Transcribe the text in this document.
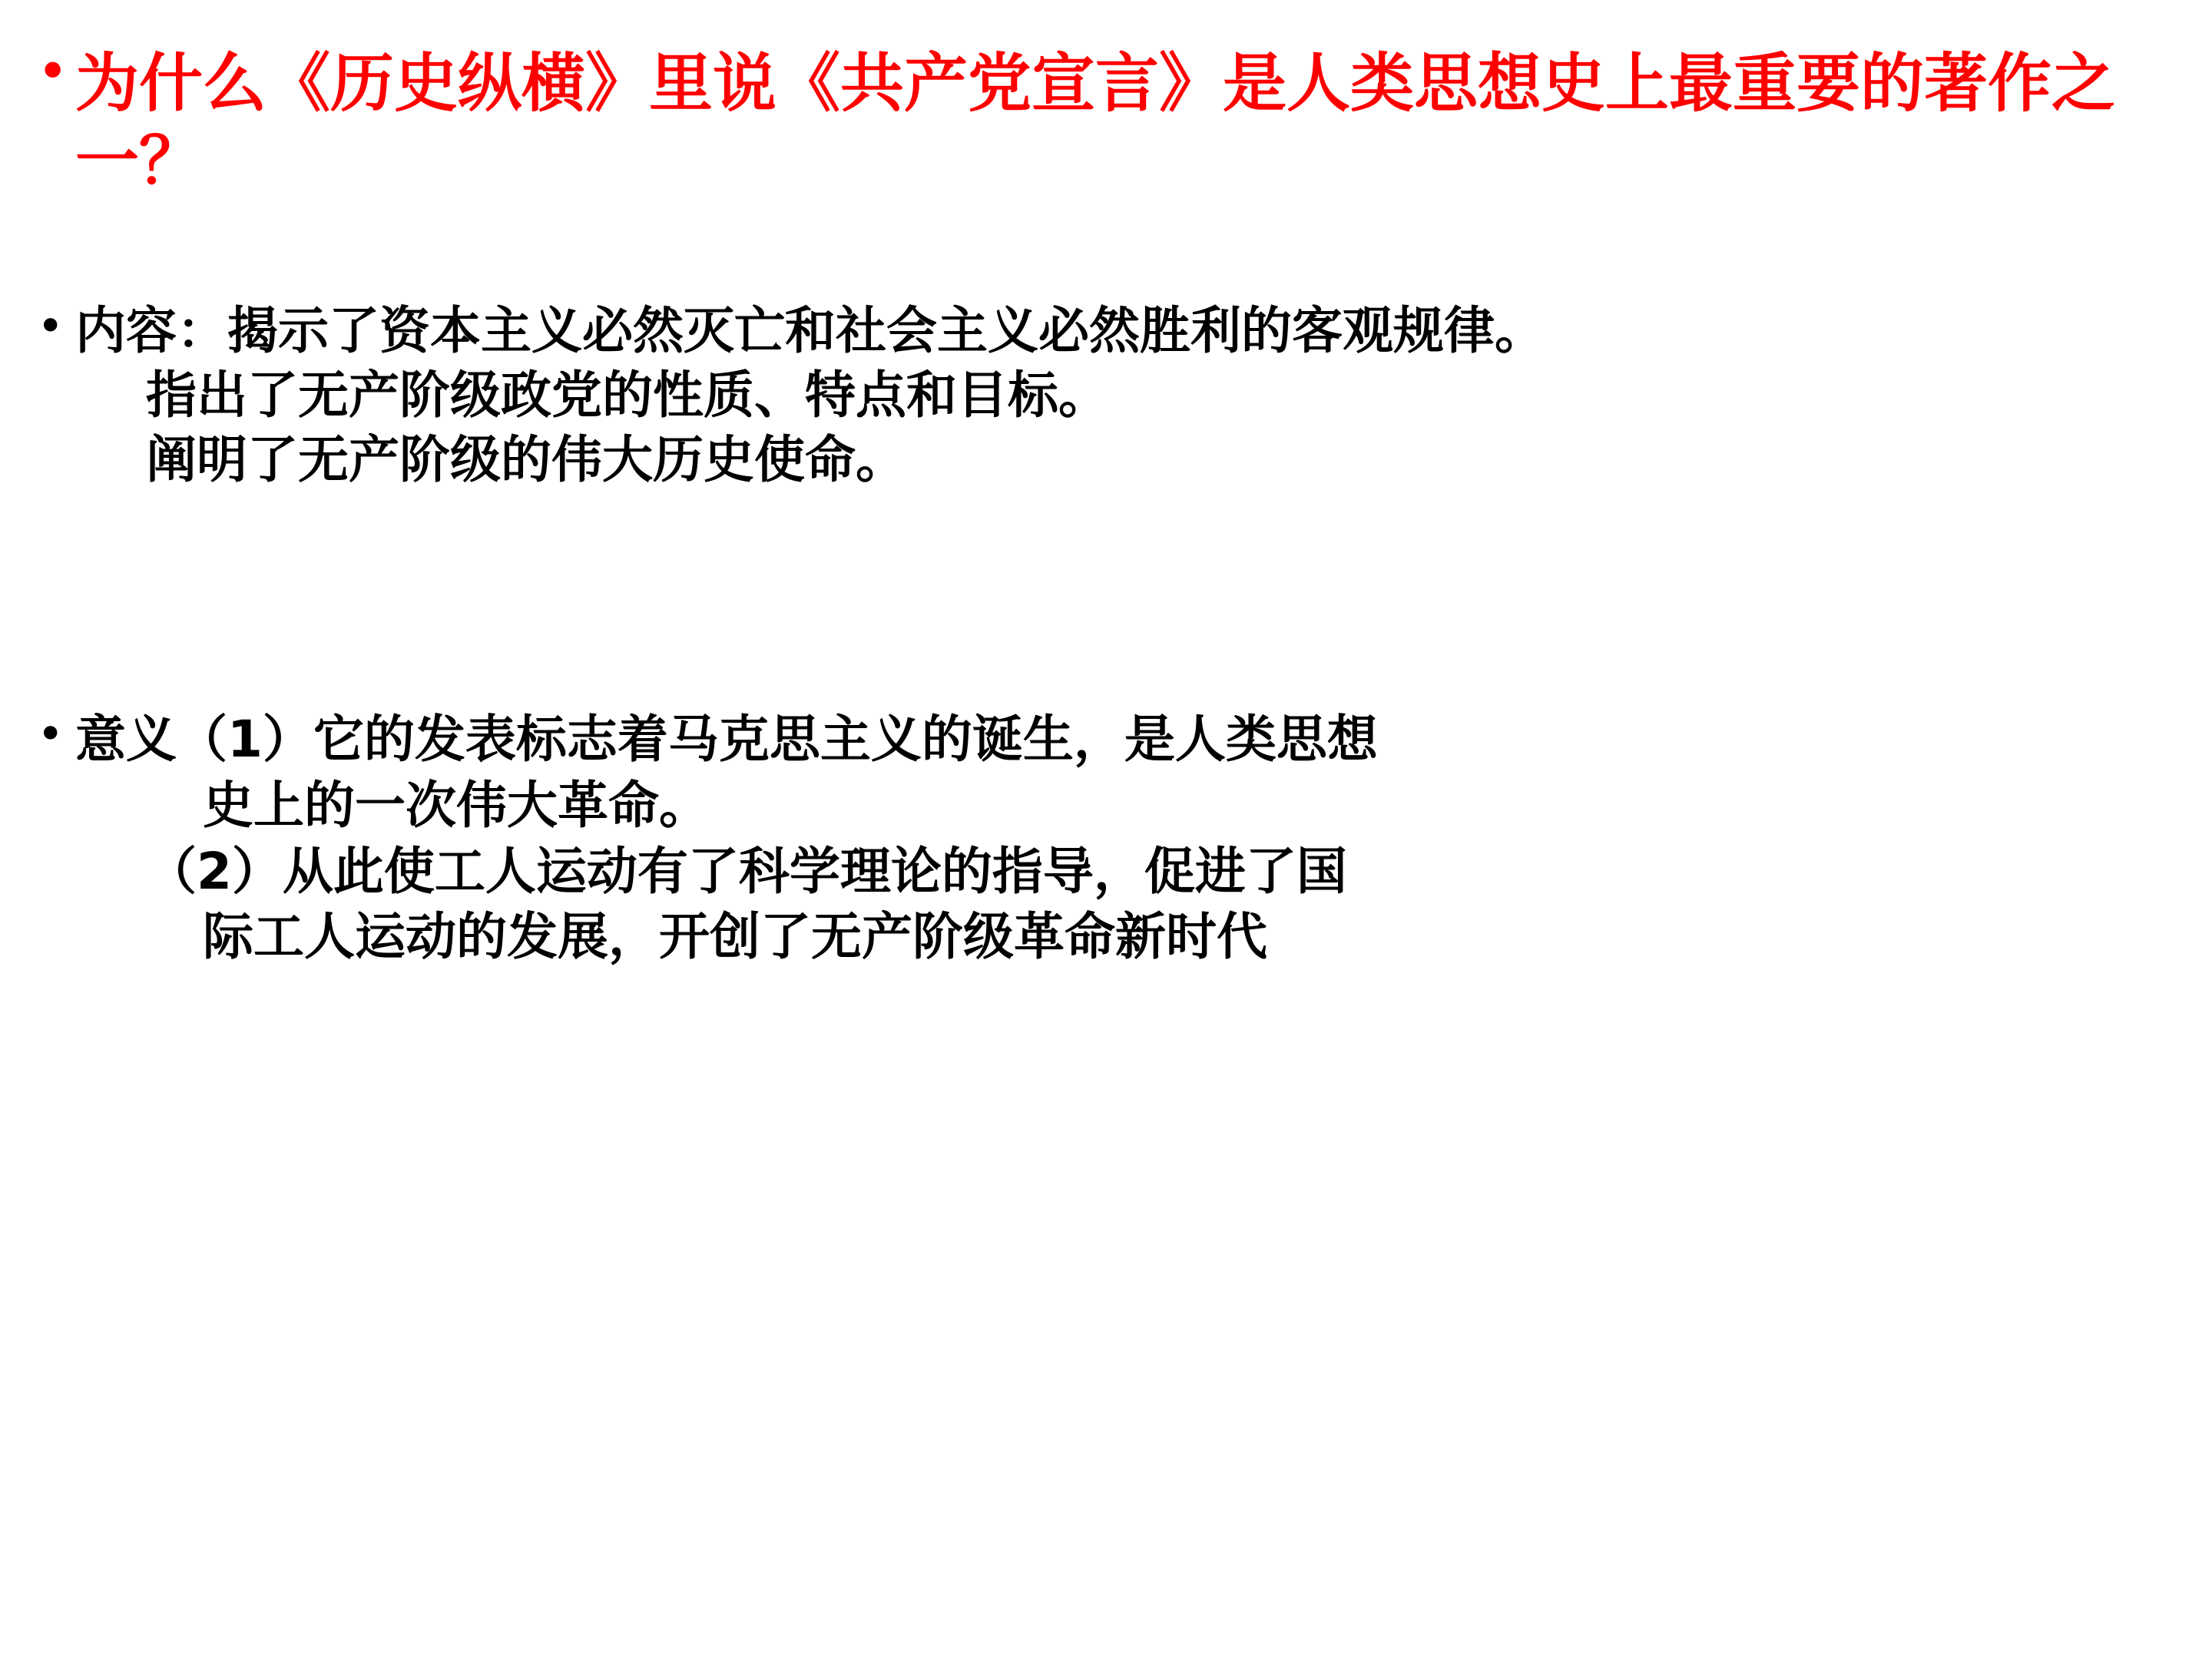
• 为什么《历史纵横》里说《共产党宣言》是人类思想史上最重要的著作之一？
• 内容：揭示了资本主义必然灭亡和社会主义必然胜利的客观规律。
指出了无产阶级政党的性质、特点和目标。
阐明了无产阶级的伟大历史使命。
• 意义（1）它的发表标志着马克思主义的诞生，是人类思想
史上的一次伟大革命。
（2）从此使工人运动有了科学理论的指导，促进了国
际工人运动的发展，开创了无产阶级革命新时代
